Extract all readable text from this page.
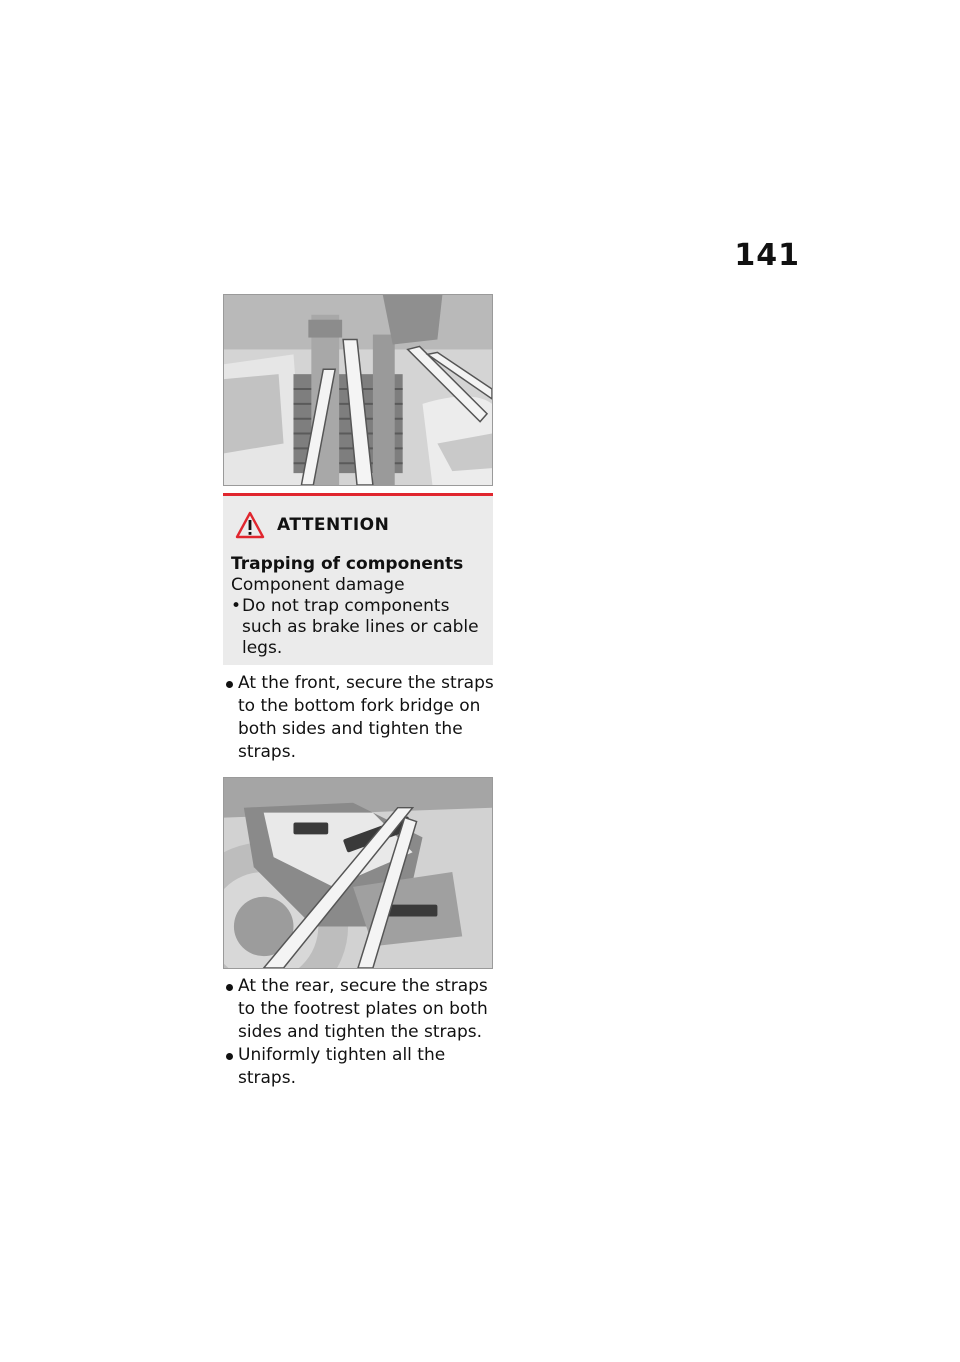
141
ATTENTION
Trapping of components
Component damage
• Do not trap components such as brake lines or cable legs.
At the front, secure the straps to the bottom fork bridge on both sides and tighten the straps.
At the rear, secure the straps to the footrest plates on both sides and tighten the straps.
Uniformly tighten all the straps.
